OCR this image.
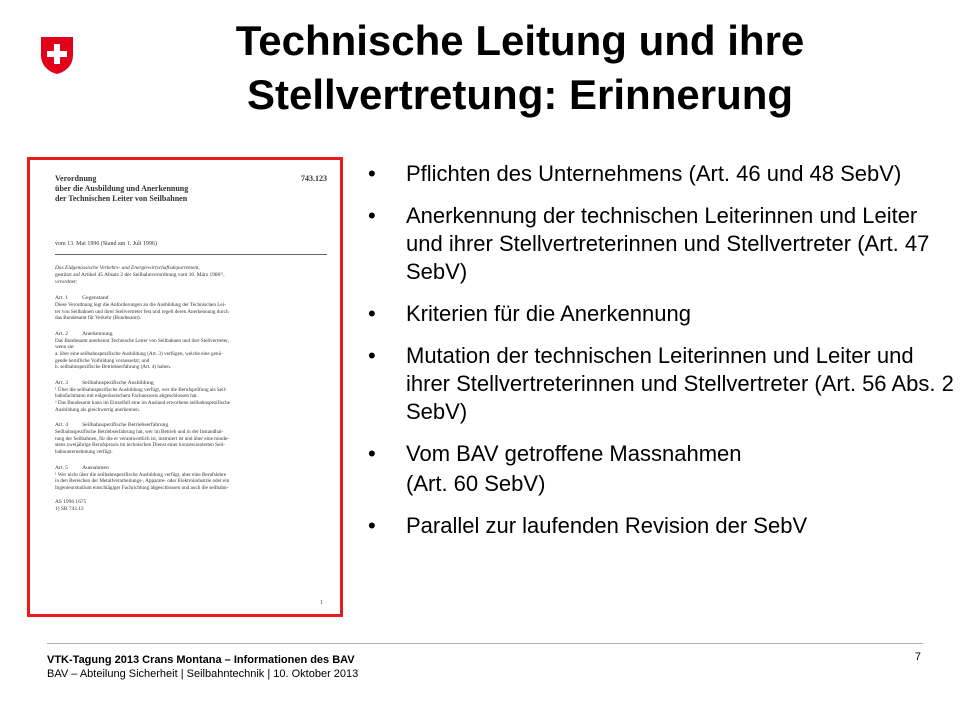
Technische Leitung und ihre Stellvertretung: Erinnerung
Verordnung
über die Ausbildung und Anerkennung
der Technischen Leiter von Seilbahnen
743.123
vom 13. Mai 1996 (Stand am 1. Juli 1996)
Das Eidgenössische Verkehrs- und Energiewirtschaftsdepartement,
gestützt auf Artikel 45 Absatz 2 der Seilbahnverordnung vom 10. März 1986¹⁾,
verordnet:
Art. 1	Gegenstand
Diese Verordnung legt die Anforderungen an die Ausbildung der Technischen Lei-
ter von Seilbahnen und ihrer Stellvertreter fest und regelt deren Anerkennung durch
das Bundesamt für Verkehr (Bundesamt).
Art. 2	Anerkennung
Das Bundesamt anerkennt Technische Leiter von Seilbahnen und ihre Stellvertreter,
wenn sie:
a. über eine seilbahnspezifische Ausbildung (Art. 3) verfügen, welche eine genü-
gende berufliche Vorbildung voraussetzt; und
b. seilbahnspezifische Betriebserfahrung (Art. 4) haben.
Art. 3	Seilbahnspezifische Ausbildung
¹ Über die seilbahnspezifische Ausbildung verfügt, wer die Berufsprüfung als Seil-
bahnfachmann mit eidgenössischem Fachausweis abgeschlossen hat.
² Das Bundesamt kann im Einzelfall eine im Ausland erworbene seilbahnspezifische
Ausbildung als gleichwertig anerkennen.
Art. 4	Seilbahnspezifische Betriebserfahrung
Seilbahnspezifische Betriebserfahrung hat, wer im Betrieb und in der Instandhal-
tung der Seilbahnen, für die er verantwortlich ist, instruiert ist und über eine minde-
stens zweijährige Berufspraxis im technischen Dienst einer konzessionierten Seil-
bahnunternehmung verfügt.
Art. 5	Ausnahmen
¹ Wer nicht über die seilbahnspezifische Ausbildung verfügt, aber eine Berufslehre
in den Bereichen der Metallverarbeitungs-, Apparate- oder Elektroindustrie oder ein
Ingenieurstudium einschlägiger Fachrichtung abgeschlossen und auch die seilbahn-
AS 1996 1675
1) SR 743.12
1
• Pflichten des Unternehmens (Art. 46 und 48 SebV)
• Anerkennung der technischen Leiterinnen und Leiter und ihrer Stellvertreterinnen und Stellvertreter (Art. 47 SebV)
• Kriterien für die Anerkennung
• Mutation der technischen Leiterinnen und Leiter und ihrer Stellvertreterinnen und Stellvertreter (Art. 56 Abs. 2 SebV)
• Vom BAV getroffene Massnahmen
(Art. 60 SebV)
• Parallel zur laufenden Revision der SebV
VTK-Tagung 2013 Crans Montana – Informationen des BAV
BAV – Abteilung Sicherheit | Seilbahntechnik | 10. Oktober 2013
7
